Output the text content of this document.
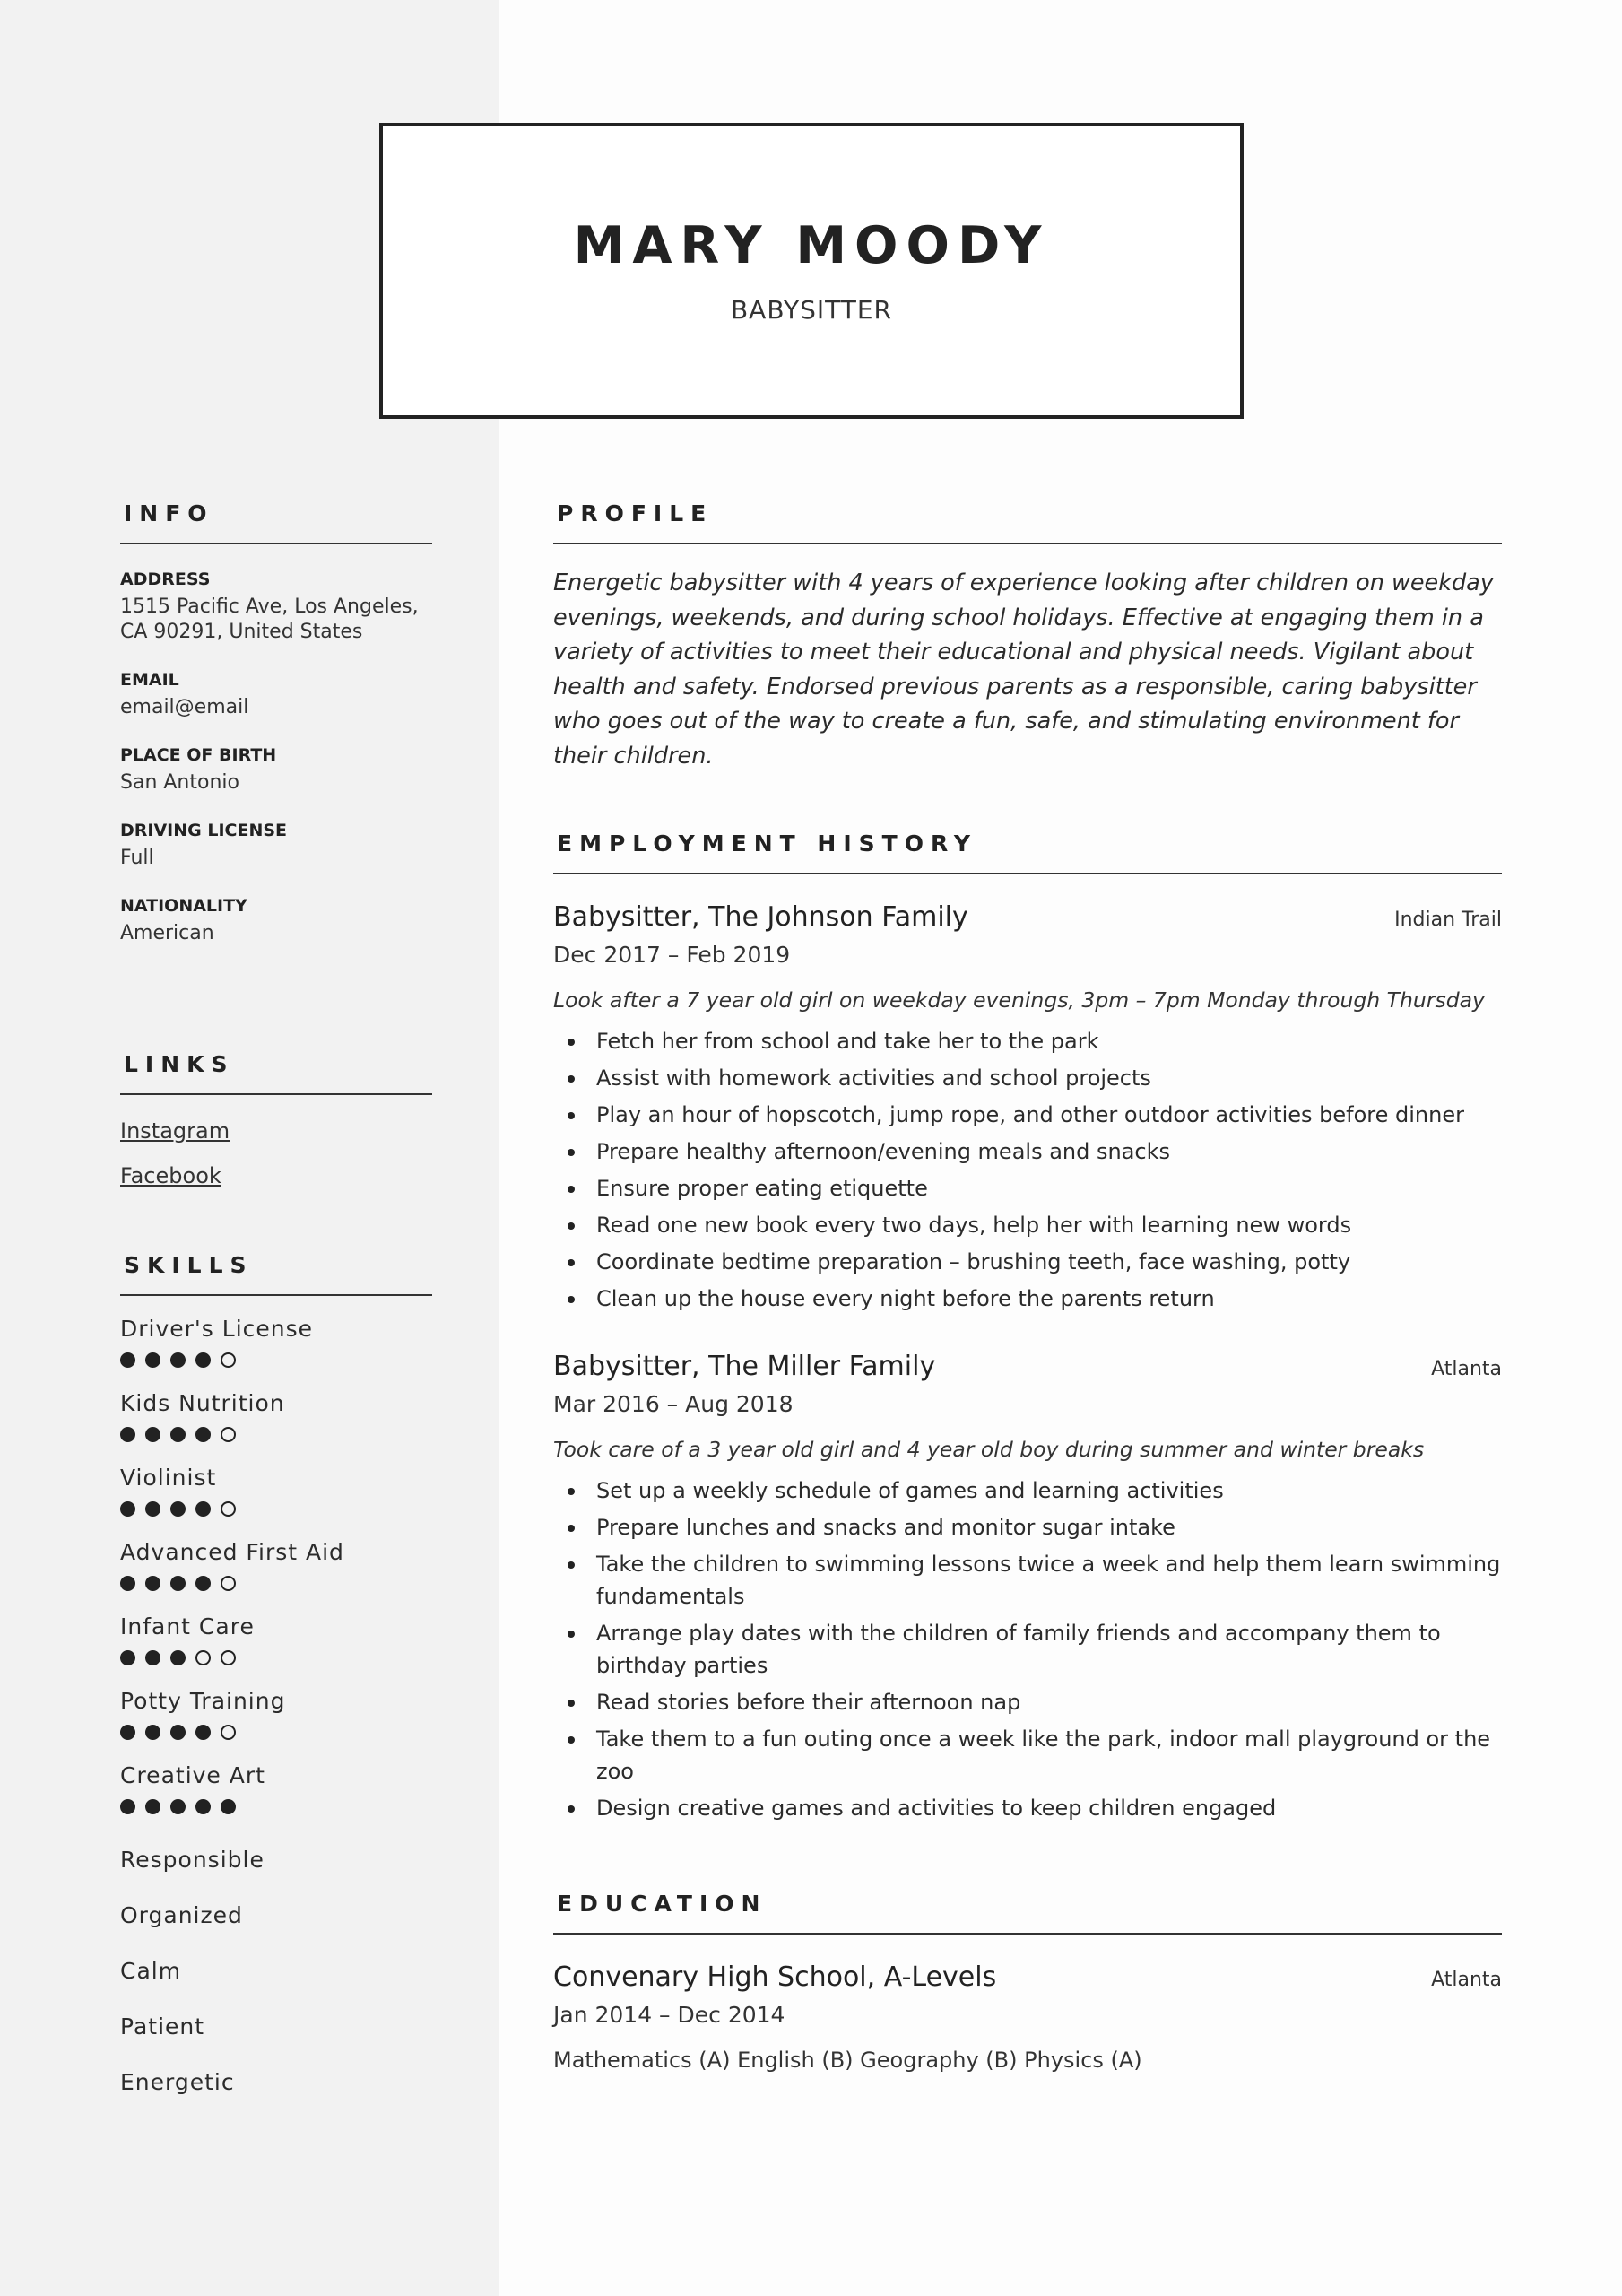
MARY MOODY
BABYSITTER
INFO
ADDRESS
1515 Pacific Ave, Los Angeles, CA 90291, United States
EMAIL
email@email
PLACE OF BIRTH
San Antonio
DRIVING LICENSE
Full
NATIONALITY
American
LINKS
Instagram
Facebook
SKILLS
Driver's License
Kids Nutrition
Violinist
Advanced First Aid
Infant Care
Potty Training
Creative Art
Responsible
Organized
Calm
Patient
Energetic
PROFILE
Energetic babysitter with 4 years of experience looking after children on weekday evenings, weekends, and during school holidays. Effective at engaging them in a variety of activities to meet their educational and physical needs. Vigilant about health and safety. Endorsed previous parents as a responsible, caring babysitter who goes out of the way to create a fun, safe, and stimulating environment for their children.
EMPLOYMENT HISTORY
Babysitter, The Johnson Family	Indian Trail
Dec 2017 – Feb 2019
Look after a 7 year old girl on weekday evenings, 3pm – 7pm Monday through Thursday
Fetch her from school and take her to the park
Assist with homework activities and school projects
Play an hour of hopscotch, jump rope, and other outdoor activities before dinner
Prepare healthy afternoon/evening meals and snacks
Ensure proper eating etiquette
Read one new book every two days, help her with learning new words
Coordinate bedtime preparation – brushing teeth, face washing, potty
Clean up the house every night before the parents return
Babysitter, The Miller Family	Atlanta
Mar 2016 – Aug 2018
Took care of a 3 year old girl and 4 year old boy during summer and winter breaks
Set up a weekly schedule of games and learning activities
Prepare lunches and snacks and monitor sugar intake
Take the children to swimming lessons twice a week and help them learn swimming fundamentals
Arrange play dates with the children of family friends and accompany them to birthday parties
Read stories before their afternoon nap
Take them to a fun outing once a week like the park, indoor mall playground or the zoo
Design creative games and activities to keep children engaged
EDUCATION
Convenary High School, A-Levels	Atlanta
Jan 2014 – Dec 2014
Mathematics (A) English (B) Geography (B) Physics (A)
